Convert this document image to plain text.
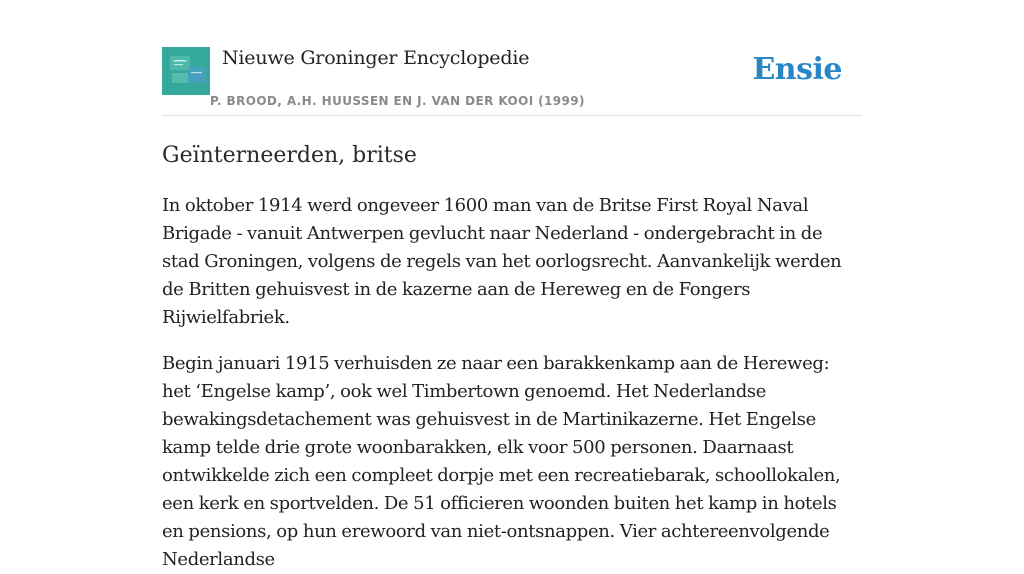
Nieuwe Groninger Encyclopedie
P. BROOD, A.H. HUUSSEN EN J. VAN DER KOOI (1999)
Ensie
Geïnterneerden, britse

In oktober 1914 werd ongeveer 1600 man van de Britse First Royal Naval Brigade - vanuit Antwerpen gevlucht naar Nederland - ondergebracht in de stad Groningen, volgens de regels van het oorlogsrecht. Aanvankelijk werden de Britten gehuisvest in de kazerne aan de Hereweg en de Fongers Rijwielfabriek.

Begin januari 1915 verhuisden ze naar een barakkenkamp aan de Hereweg: het ‘Engelse kamp’, ook wel Timbertown genoemd. Het Nederlandse bewakingsdetachement was gehuisvest in de Martinikazerne. Het Engelse kamp telde drie grote woonbarakken, elk voor 500 personen. Daarnaast ontwikkelde zich een compleet dorpje met een recreatiebarak, schoollokalen, een kerk en sportvelden. De 51 officieren woonden buiten het kamp in hotels en pensions, op hun erewoord van niet-ontsnappen. Vier achtereenvolgende Nederlandse
